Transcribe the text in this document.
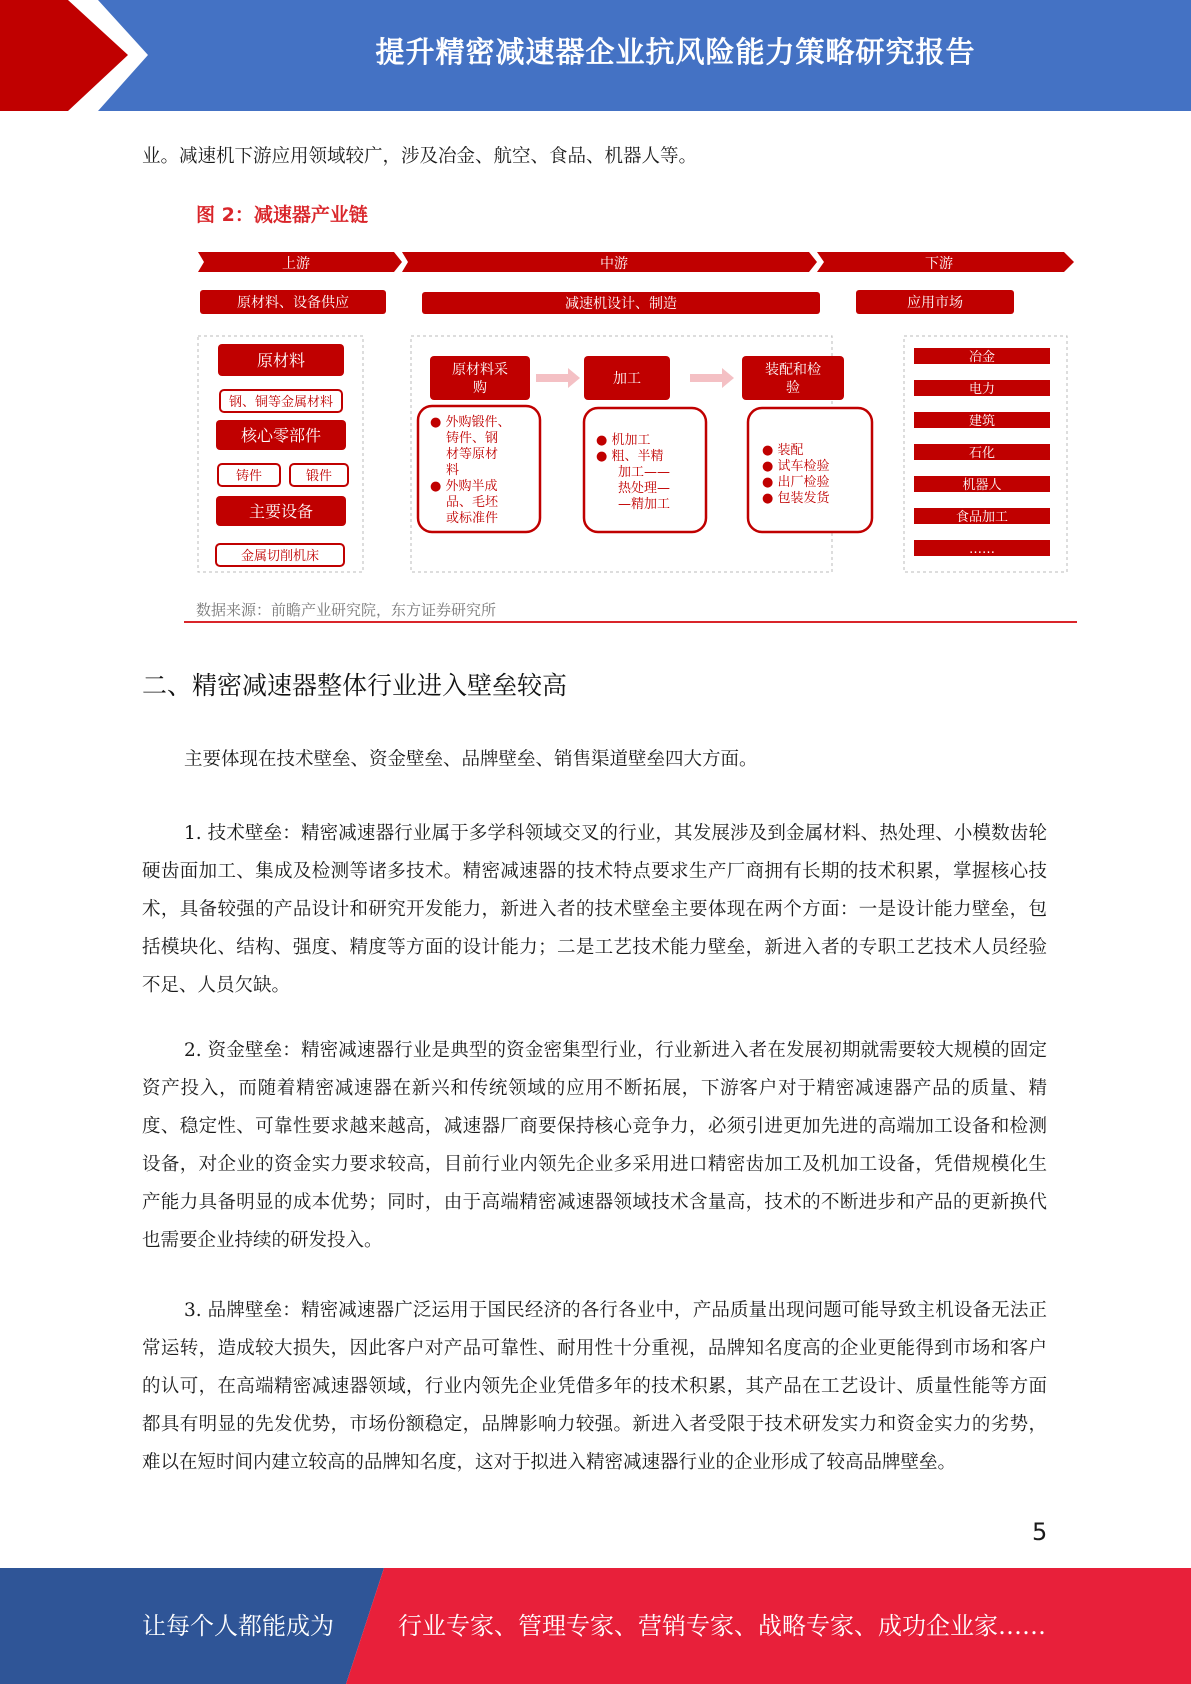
提升精密减速器企业抗风险能力策略研究报告
业。减速机下游应用领域较广，涉及冶金、航空、食品、机器人等。
图 2：减速器产业链
上游	中游	下游
原材料、设备供应	减速机设计、制造	应用市场
原材料
钢、铜等金属材料
核心零部件
铸件	锻件
主要设备
金属切削机床
原材料采
购
加工
装配和检
验
● 外购锻件、
铸件、钢
材等原材
料
● 外购半成
品、毛坯
或标准件
● 机加工
● 粗、半精
加工——
热处理—
—精加工
● 装配
● 试车检验
● 出厂检验
● 包装发货
冶金
电力
建筑
石化
机器人
食品加工
……
数据来源：前瞻产业研究院，东方证券研究所
二、精密减速器整体行业进入壁垒较高
主要体现在技术壁垒、资金壁垒、品牌壁垒、销售渠道壁垒四大方面。
1. 技术壁垒：精密减速器行业属于多学科领域交叉的行业，其发展涉及到金属材料、热处理、小模数齿轮硬齿面加工、集成及检测等诸多技术。精密减速器的技术特点要求生产厂商拥有长期的技术积累，掌握核心技术，具备较强的产品设计和研究开发能力，新进入者的技术壁垒主要体现在两个方面：一是设计能力壁垒，包括模块化、结构、强度、精度等方面的设计能力；二是工艺技术能力壁垒，新进入者的专职工艺技术人员经验不足、人员欠缺。
2. 资金壁垒：精密减速器行业是典型的资金密集型行业，行业新进入者在发展初期就需要较大规模的固定资产投入，而随着精密减速器在新兴和传统领域的应用不断拓展，下游客户对于精密减速器产品的质量、精度、稳定性、可靠性要求越来越高，减速器厂商要保持核心竞争力，必须引进更加先进的高端加工设备和检测设备，对企业的资金实力要求较高，目前行业内领先企业多采用进口精密齿加工及机加工设备，凭借规模化生产能力具备明显的成本优势；同时，由于高端精密减速器领域技术含量高，技术的不断进步和产品的更新换代也需要企业持续的研发投入。
3. 品牌壁垒：精密减速器广泛运用于国民经济的各行各业中，产品质量出现问题可能导致主机设备无法正常运转，造成较大损失，因此客户对产品可靠性、耐用性十分重视，品牌知名度高的企业更能得到市场和客户的认可，在高端精密减速器领域，行业内领先企业凭借多年的技术积累，其产品在工艺设计、质量性能等方面都具有明显的先发优势，市场份额稳定，品牌影响力较强。新进入者受限于技术研发实力和资金实力的劣势，难以在短时间内建立较高的品牌知名度，这对于拟进入精密减速器行业的企业形成了较高品牌壁垒。
5
让每个人都能成为	行业专家、管理专家、营销专家、战略专家、成功企业家……
